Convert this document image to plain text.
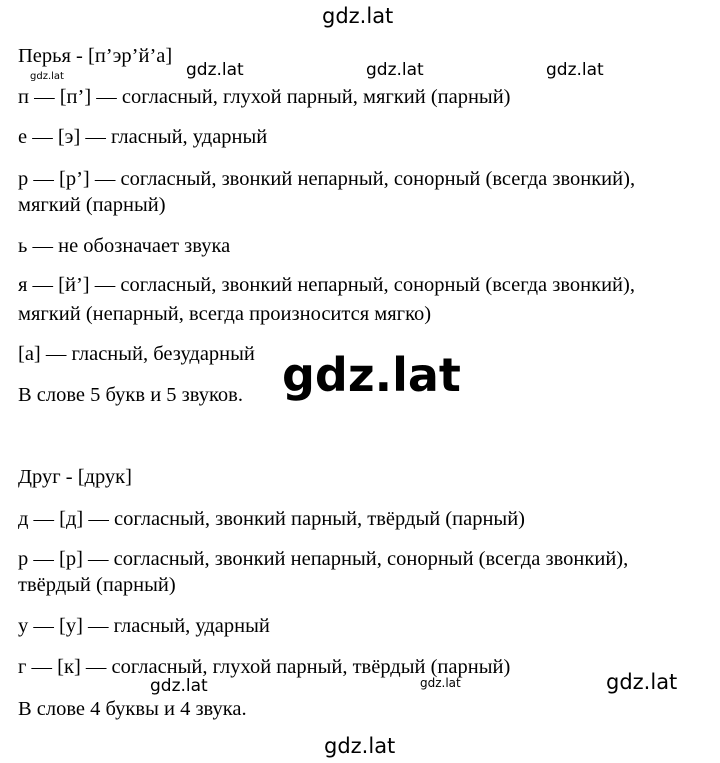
gdz.lat
Перья - [п’эр’й’а]
gdz.lat	gdz.lat	gdz.lat	gdz.lat
п — [п’] — согласный, глухой парный, мягкий (парный)
е — [э] — гласный, ударный
р — [р’] — согласный, звонкий непарный, сонорный (всегда звонкий),
мягкий (парный)
ь — не обозначает звука
я — [й’] — согласный, звонкий непарный, сонорный (всегда звонкий),
мягкий (непарный, всегда произносится мягко)
[а] — гласный, безударный
В слове 5 букв и 5 звуков. gdz.lat
Друг - [друк]
д — [д] — согласный, звонкий парный, твёрдый (парный)
р — [р] — согласный, звонкий непарный, сонорный (всегда звонкий),
твёрдый (парный)
у — [у] — гласный, ударный
г — [к] — согласный, глухой парный, твёрдый (парный)
В слове 4 буквы и 4 звука.
gdz.lat	gdz.lat	gdz.lat
gdz.lat
